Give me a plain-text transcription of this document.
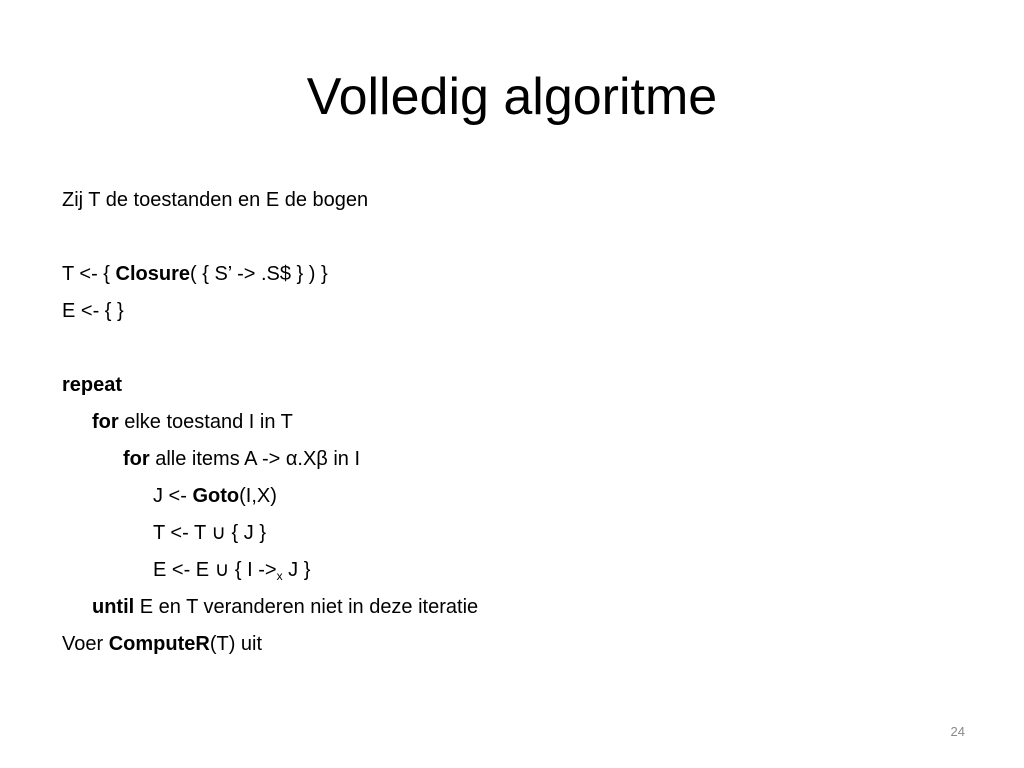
Volledig algoritme
Zij T de toestanden en E de bogen
T <- { Closure( { S’ -> .S$ } ) }
E <- { }
repeat
for elke toestand I in T
for alle items A -> α.Xβ in I
J <- Goto(I,X)
T <- T ∪ { J }
E <- E ∪ { I $->_x$ J }
until E en T veranderen niet in deze iteratie
Voer ComputeR(T) uit
24
